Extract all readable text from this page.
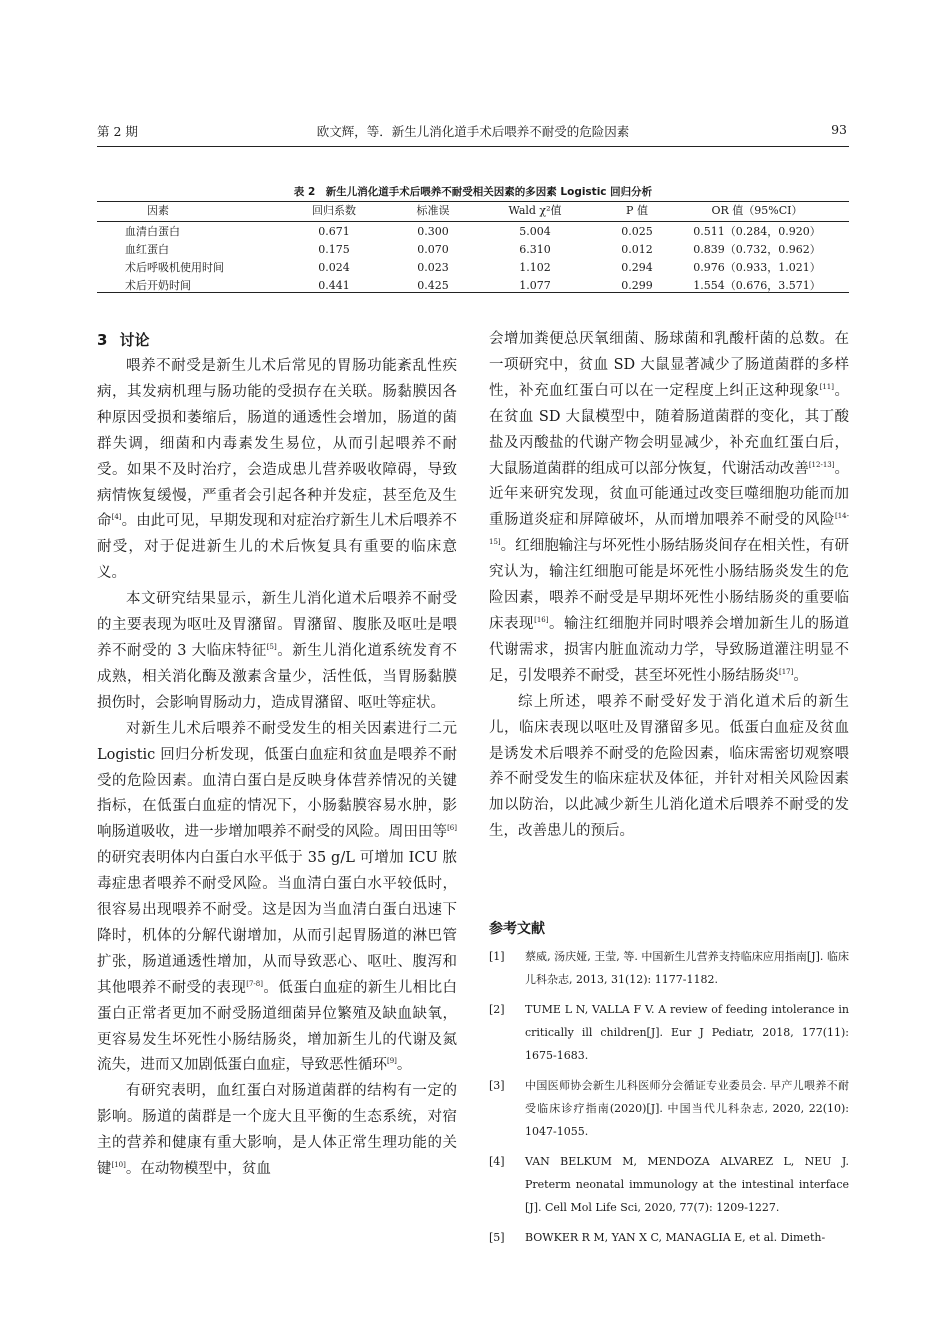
第 2 期	欧文辉，等．新生儿消化道手术后喂养不耐受的危险因素	93
表 2　新生儿消化道手术后喂养不耐受相关因素的多因素 Logistic 回归分析
因素	回归系数	标准误	Wald χ²值	P 值	OR 值（95%CI）
血清白蛋白	0.671	0.300	5.004	0.025	0.511（0.284，0.920）
血红蛋白	0.175	0.070	6.310	0.012	0.839（0.732，0.962）
术后呼吸机使用时间	0.024	0.023	1.102	0.294	0.976（0.933，1.021）
术后开奶时间	0.441	0.425	1.077	0.299	1.554（0.676，3.571）
3 讨论

喂养不耐受是新生儿术后常见的胃肠功能紊乱性疾病，其发病机理与肠功能的受损存在关联。肠黏膜因各种原因受损和萎缩后，肠道的通透性会增加，肠道的菌群失调，细菌和内毒素发生易位，从而引起喂养不耐受。如果不及时治疗，会造成患儿营养吸收障碍，导致病情恢复缓慢，严重者会引起各种并发症，甚至危及生命[4]。由此可见，早期发现和对症治疗新生儿术后喂养不耐受，对于促进新生儿的术后恢复具有重要的临床意义。

本文研究结果显示，新生儿消化道术后喂养不耐受的主要表现为呕吐及胃潴留。胃潴留、腹胀及呕吐是喂养不耐受的 3 大临床特征[5]。新生儿消化道系统发育不成熟，相关消化酶及激素含量少，活性低，当胃肠黏膜损伤时，会影响胃肠动力，造成胃潴留、呕吐等症状。

对新生儿术后喂养不耐受发生的相关因素进行二元 Logistic 回归分析发现，低蛋白血症和贫血是喂养不耐受的危险因素。血清白蛋白是反映身体营养情况的关键指标，在低蛋白血症的情况下，小肠黏膜容易水肿，影响肠道吸收，进一步增加喂养不耐受的风险。周田田等[6]的研究表明体内白蛋白水平低于 35 g/L 可增加 ICU 脓毒症患者喂养不耐受风险。当血清白蛋白水平较低时，很容易出现喂养不耐受。这是因为当血清白蛋白迅速下降时，机体的分解代谢增加，从而引起胃肠道的淋巴管扩张，肠道通透性增加，从而导致恶心、呕吐、腹泻和其他喂养不耐受的表现[7-8]。低蛋白血症的新生儿相比白蛋白正常者更加不耐受肠道细菌异位繁殖及缺血缺氧，更容易发生坏死性小肠结肠炎，增加新生儿的代谢及氮流失，进而又加剧低蛋白血症，导致恶性循环[9]。

有研究表明，血红蛋白对肠道菌群的结构有一定的影响。肠道的菌群是一个庞大且平衡的生态系统，对宿主的营养和健康有重大影响，是人体正常生理功能的关键[10]。在动物模型中，贫血

会增加粪便总厌氧细菌、肠球菌和乳酸杆菌的总数。在一项研究中，贫血 SD 大鼠显著减少了肠道菌群的多样性，补充血红蛋白可以在一定程度上纠正这种现象[11]。在贫血 SD 大鼠模型中，随着肠道菌群的变化，其丁酸盐及丙酸盐的代谢产物会明显减少，补充血红蛋白后，大鼠肠道菌群的组成可以部分恢复，代谢活动改善[12-13]。近年来研究发现，贫血可能通过改变巨噬细胞功能而加重肠道炎症和屏障破坏，从而增加喂养不耐受的风险[14-15]。红细胞输注与坏死性小肠结肠炎间存在相关性，有研究认为，输注红细胞可能是坏死性小肠结肠炎发生的危险因素，喂养不耐受是早期坏死性小肠结肠炎的重要临床表现[16]。输注红细胞并同时喂养会增加新生儿的肠道代谢需求，损害内脏血流动力学，导致肠道灌注明显不足，引发喂养不耐受，甚至坏死性小肠结肠炎[17]。

综上所述，喂养不耐受好发于消化道术后的新生儿，临床表现以呕吐及胃潴留多见。低蛋白血症及贫血是诱发术后喂养不耐受的危险因素，临床需密切观察喂养不耐受发生的临床症状及体征，并针对相关风险因素加以防治，以此减少新生儿消化道术后喂养不耐受的发生，改善患儿的预后。

参考文献
[1] 蔡威, 汤庆娅, 王莹, 等. 中国新生儿营养支持临床应用指南[J]. 临床儿科杂志, 2013, 31(12): 1177-1182.
[2] TUME L N, VALLA F V. A review of feeding intolerance in critically ill children[J]. Eur J Pediatr, 2018, 177(11): 1675-1683.
[3] 中国医师协会新生儿科医师分会循证专业委员会. 早产儿喂养不耐受临床诊疗指南(2020)[J]. 中国当代儿科杂志, 2020, 22(10): 1047-1055.
[4] VAN BELKUM M, MENDOZA ALVAREZ L, NEU J. Preterm neonatal immunology at the intestinal interface [J]. Cell Mol Life Sci, 2020, 77(7): 1209-1227.
[5] BOWKER R M, YAN X C, MANAGLIA E, et al. Dimeth-
